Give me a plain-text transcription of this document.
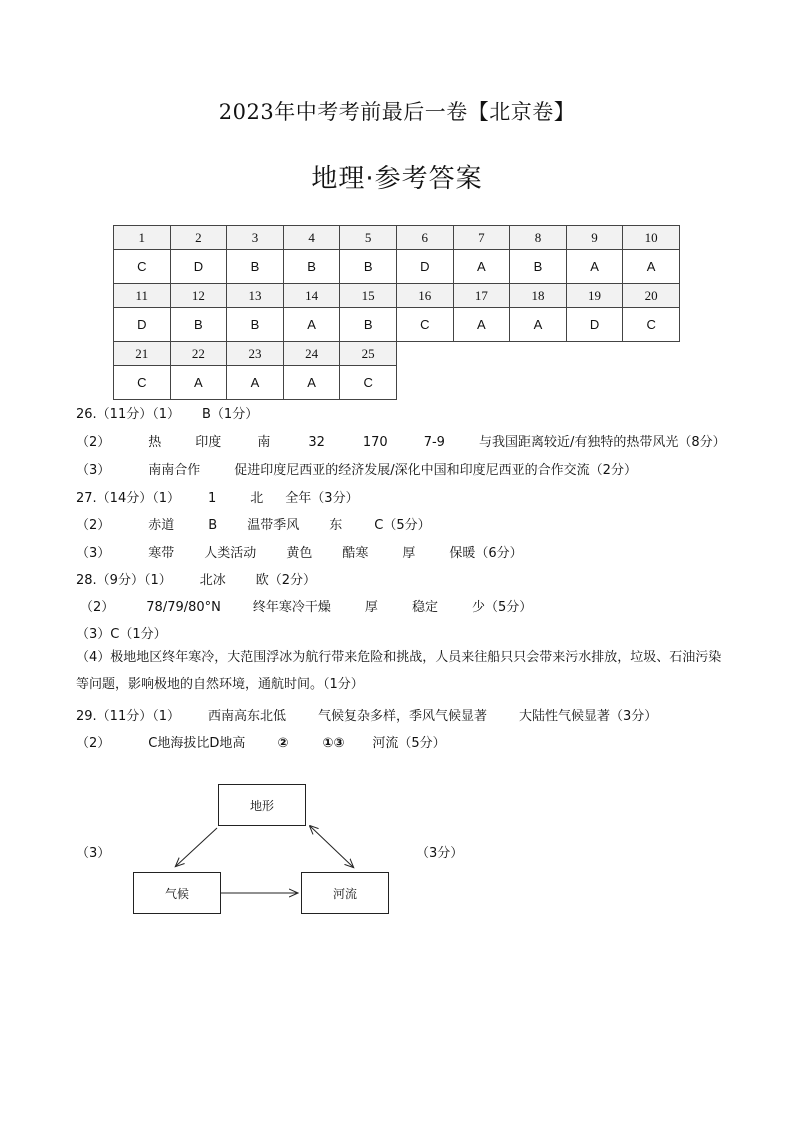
2023年中考考前最后一卷【北京卷】
地理·参考答案
1	2	3	4	5	6	7	8	9	10
C	D	B	B	B	D	A	B	A	A
11	12	13	14	15	16	17	18	19	20
D	B	B	A	B	C	A	A	D	C
21	22	23	24	25					
C	A	A	A	C					
26.（11分）（1） B（1分）
（2）	热	印度	南	32	170	7-9	与我国距离较近/有独特的热带风光（8分）
（3）	南南合作	促进印度尼西亚的经济发展/深化中国和印度尼西亚的合作交流（2分）
27.（14分）（1） 1	北 全年（3分）
（2）	赤道	B 温带季风 东 C（5分）
（3）	寒带 人类活动 黄色 酷寒	厚	保暖（6分）
28.（9分）（1） 北冰 欧（2分）
（2） 78/79/80°N 终年寒冷干燥	厚	稳定	少（5分）
（3）C（1分）
（4）极地地区终年寒冷，大范围浮冰为航行带来危险和挑战，人员来往船只只会带来污水排放，垃圾、石油污染等问题，影响极地的自然环境，通航时间。（1分）
29.（11分）（1） 西南高东北低 气候复杂多样，季风气候显著 大陆性气候显著（3分）
（2）	C地海拔比D地高 ②	①③ 河流（5分）
（3）	（3分）
地形
气候	河流
